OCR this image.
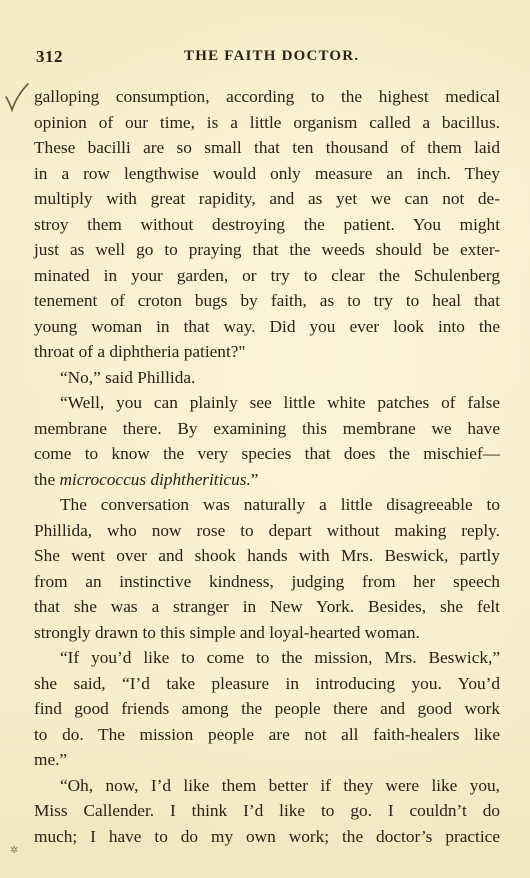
312	THE FAITH DOCTOR.
✲
galloping consumption, according to the highest medical
opinion of our time, is a little organism called a bacillus.
These bacilli are so small that ten thousand of them laid
in a row lengthwise would only measure an inch. They
multiply with great rapidity, and as yet we can not de-
stroy them without destroying the patient. You might
just as well go to praying that the weeds should be exter-
minated in your garden, or try to clear the Schulenberg
tenement of croton bugs by faith, as to try to heal that
young woman in that way. Did you ever look into the
throat of a diphtheria patient?"
“No,” said Phillida.
“Well, you can plainly see little white patches of false
membrane there. By examining this membrane we have
come to know the very species that does the mischief—
the micrococcus diphtheriticus.”
The conversation was naturally a little disagreeable to
Phillida, who now rose to depart without making reply.
She went over and shook hands with Mrs. Beswick, partly
from an instinctive kindness, judging from her speech
that she was a stranger in New York. Besides, she felt
strongly drawn to this simple and loyal-hearted woman.
“If you’d like to come to the mission, Mrs. Beswick,”
she said, “I’d take pleasure in introducing you. You’d
find good friends among the people there and good work
to do. The mission people are not all faith-healers like
me.”
“Oh, now, I’d like them better if they were like you,
Miss Callender. I think I’d like to go. I couldn’t do
much; I have to do my own work; the doctor’s practice
